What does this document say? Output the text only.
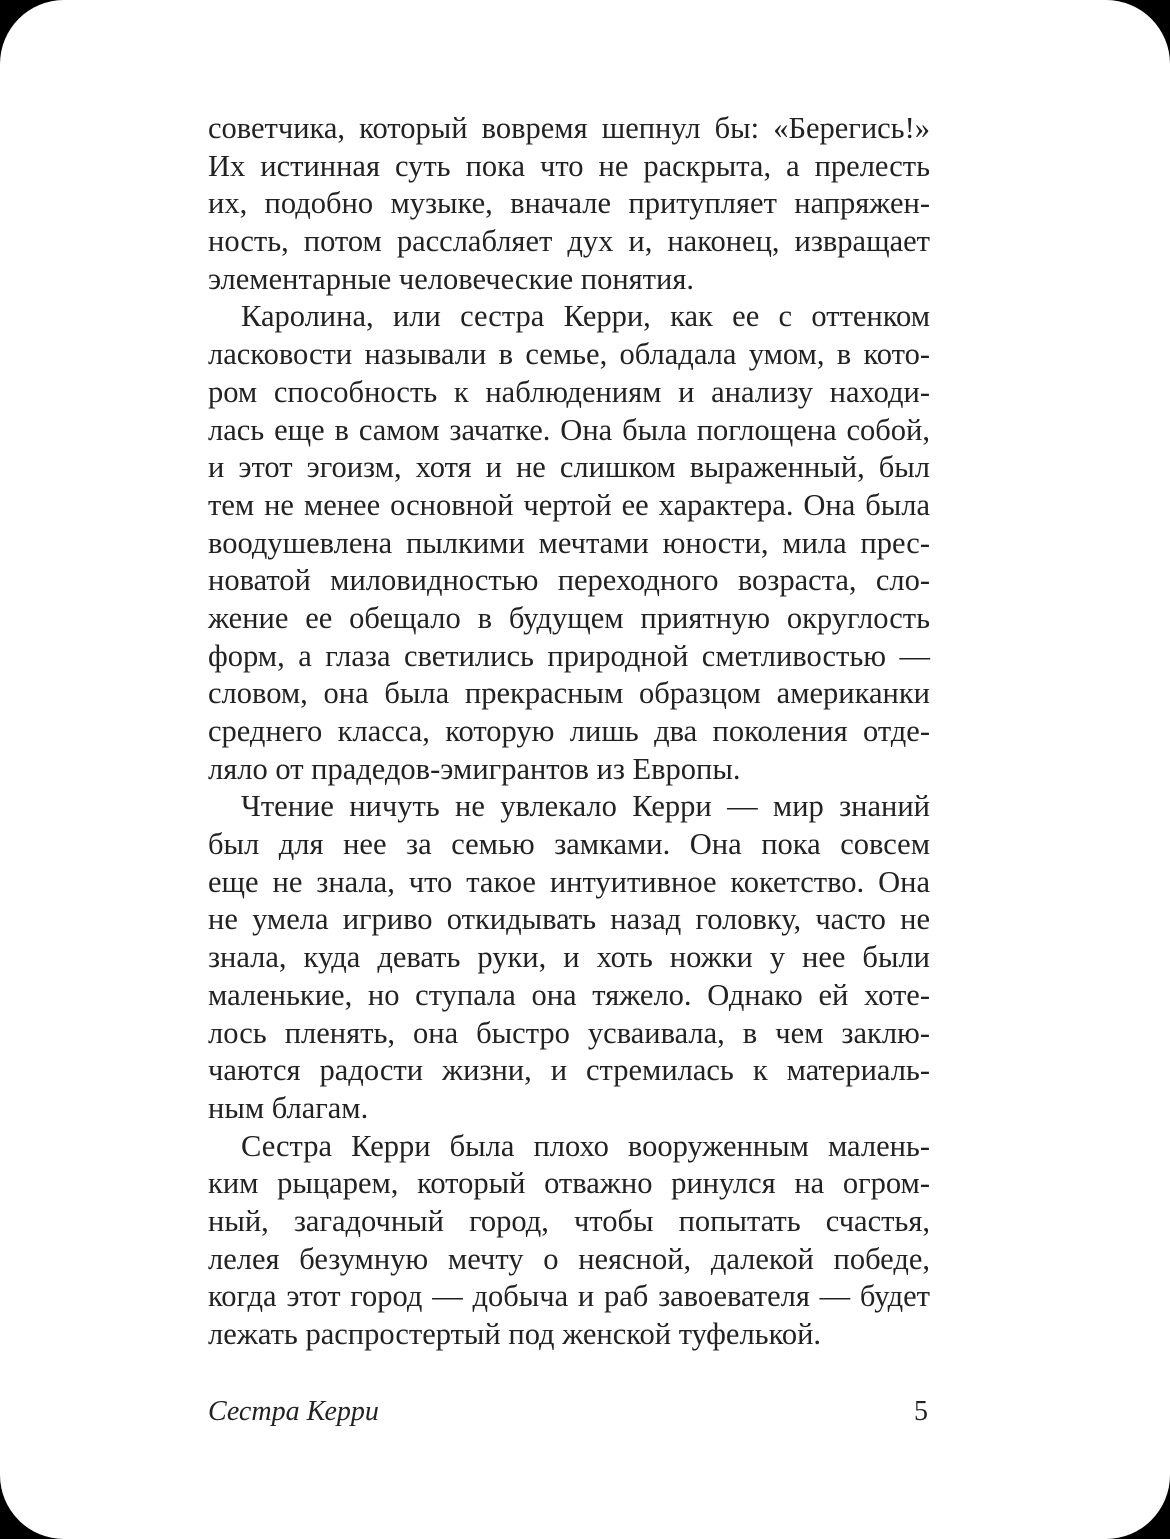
советчика, который вовремя шепнул бы: «Берегись!»
Их истинная суть пока что не раскрыта, а прелесть
их, подобно музыке, вначале притупляет напряжен-
ность, потом расслабляет дух и, наконец, извращает
элементарные человеческие понятия.
Каролина, или сестра Керри, как ее с оттенком
ласковости называли в семье, обладала умом, в кото-
ром способность к наблюдениям и анализу находи-
лась еще в самом зачатке. Она была поглощена собой,
и этот эгоизм, хотя и не слишком выраженный, был
тем не менее основной чертой ее характера. Она была
воодушевлена пылкими мечтами юности, мила прес-
новатой миловидностью переходного возраста, сло-
жение ее обещало в будущем приятную округлость
форм, а глаза светились природной сметливостью —
словом, она была прекрасным образцом американки
среднего класса, которую лишь два поколения отде-
ляло от прадедов-эмигрантов из Европы.
Чтение ничуть не увлекало Керри — мир знаний
был для нее за семью замками. Она пока совсем
еще не знала, что такое интуитивное кокетство. Она
не умела игриво откидывать назад головку, часто не
знала, куда девать руки, и хоть ножки у нее были
маленькие, но ступала она тяжело. Однако ей хоте-
лось пленять, она быстро усваивала, в чем заклю-
чаются радости жизни, и стремилась к материаль-
ным благам.
Сестра Керри была плохо вооруженным малень-
ким рыцарем, который отважно ринулся на огром-
ный, загадочный город, чтобы попытать счастья,
лелея безумную мечту о неясной, далекой победе,
когда этот город — добыча и раб завоевателя — будет
лежать распростертый под женской туфелькой.
Сестра Керри	5
